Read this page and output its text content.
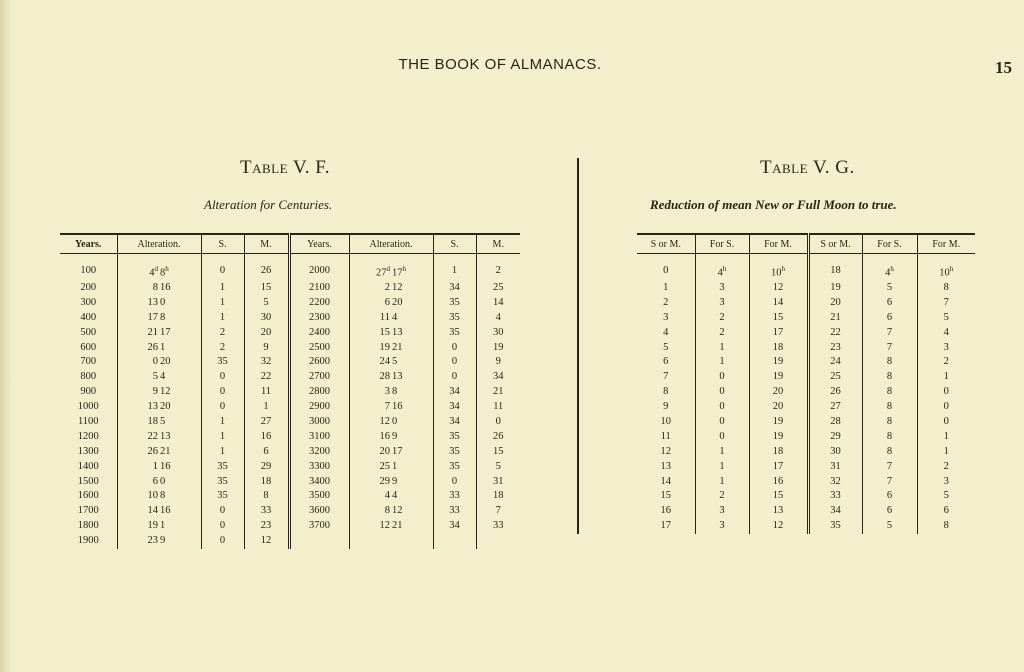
THE BOOK OF ALMANACS.	15
Table V. F.
Alteration for Centuries.
Table V. G.
Reduction of mean New or Full Moon to true.
Years.	Alteration.	S.	M.	Years.	Alteration.	S.	M.

100	4$^d$ 8$^h$	0	26	2000	27$^d$ 17$^h$	1	2
200	8 16	1	15	2100	2 12	34	25
300	13 0	1	5	2200	6 20	35	14
400	17 8	1	30	2300	11 4	35	4
500	21 17	2	20	2400	15 13	35	30
600	26 1	2	9	2500	19 21	0	19
700	0 20	35	32	2600	24 5	0	9
800	5 4	0	22	2700	28 13	0	34
900	9 12	0	11	2800	3 8	34	21
1000	13 20	0	1	2900	7 16	34	11
1100	18 5	1	27	3000	12 0	34	0
1200	22 13	1	16	3100	16 9	35	26
1300	26 21	1	6	3200	20 17	35	15
1400	1 16	35	29	3300	25 1	35	5
1500	6 0	35	18	3400	29 9	0	31
1600	10 8	35	8	3500	4 4	33	18
1700	14 16	0	33	3600	8 12	33	7
1800	19 1	0	23	3700	12 21	34	33
1900	23 9	0	12				
S or M.	For S.	For M.	S or M.	For S.	For M.

0	4$^h$	10$^h$	18	4$^h$	10$^h$
1	3	12	19	5	8
2	3	14	20	6	7
3	2	15	21	6	5
4	2	17	22	7	4
5	1	18	23	7	3
6	1	19	24	8	2
7	0	19	25	8	1
8	0	20	26	8	0
9	0	20	27	8	0
10	0	19	28	8	0
11	0	19	29	8	1
12	1	18	30	8	1
13	1	17	31	7	2
14	1	16	32	7	3
15	2	15	33	6	5
16	3	13	34	6	6
17	3	12	35	5	8
